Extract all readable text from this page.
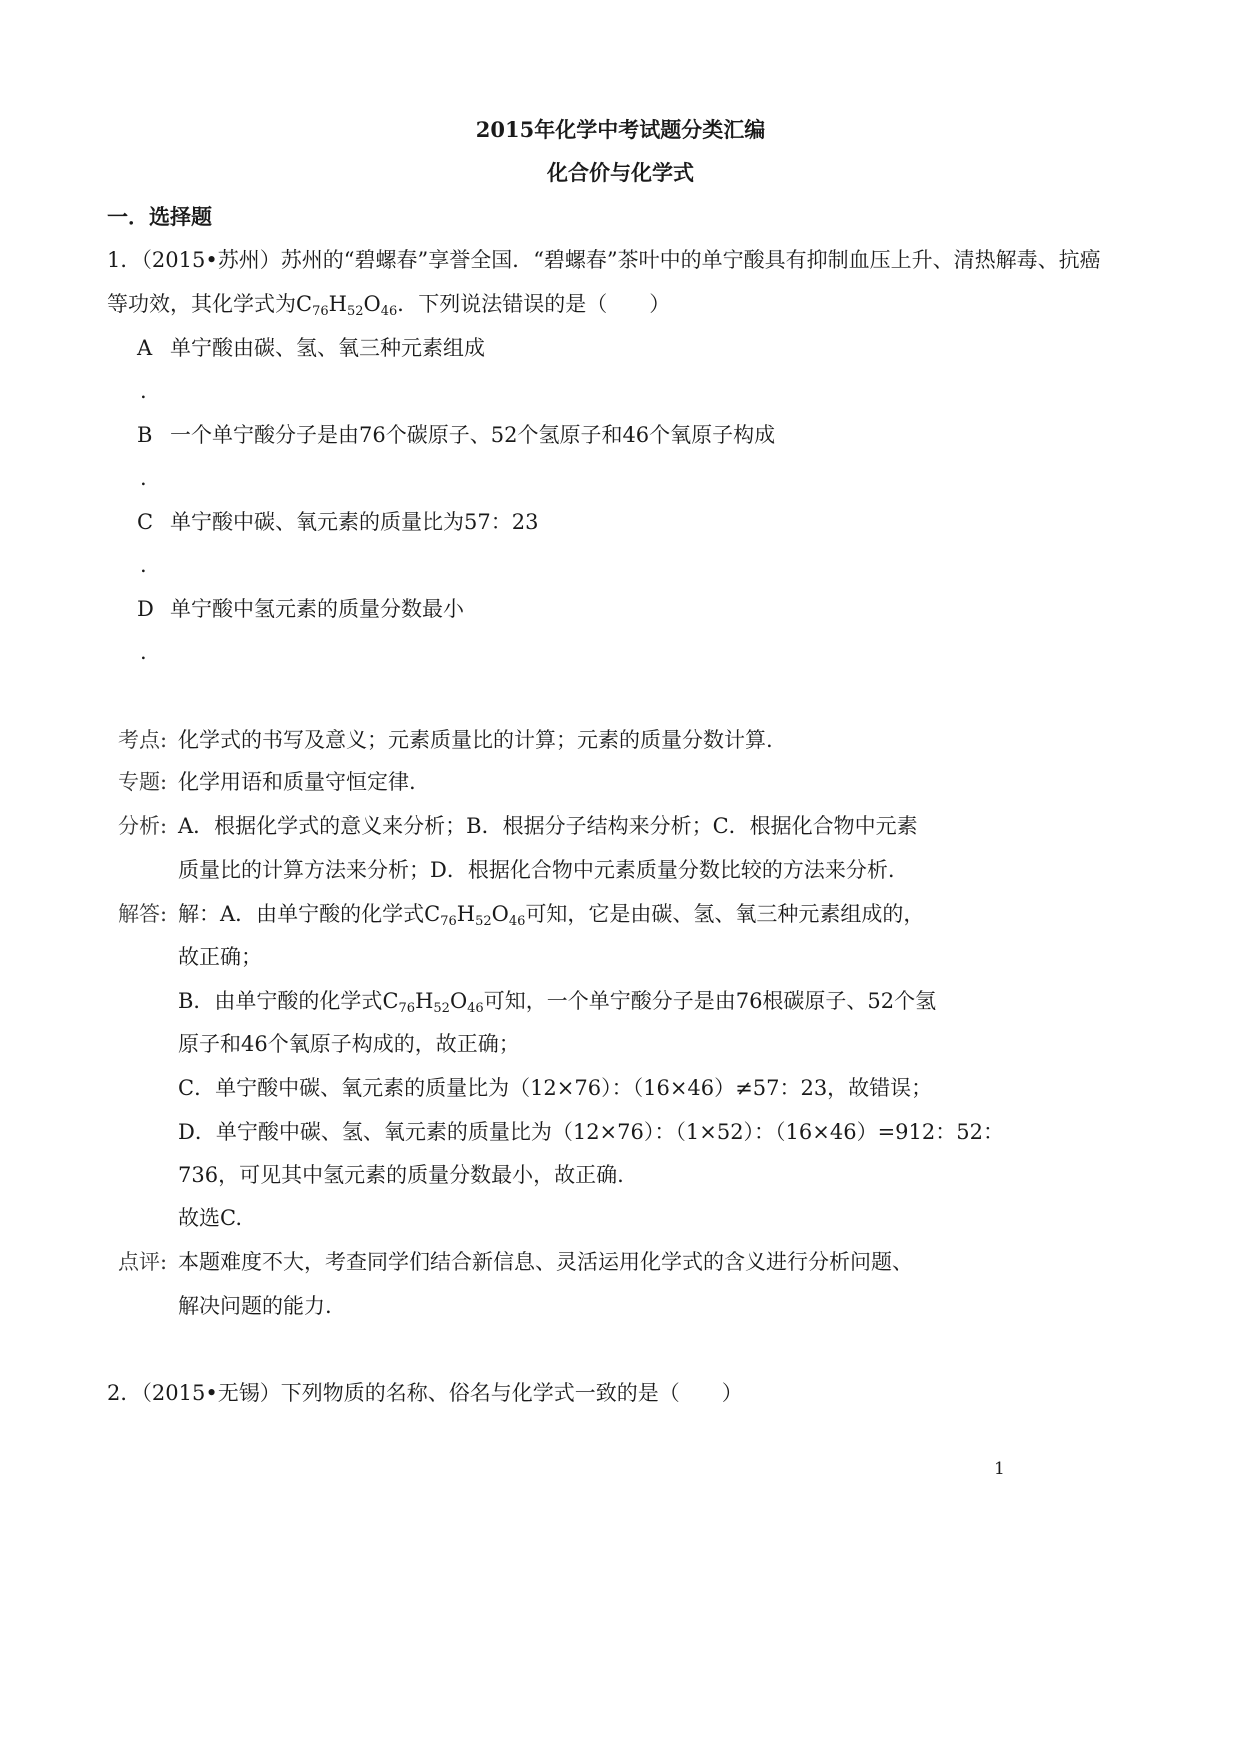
2015年化学中考试题分类汇编
化合价与化学式
一．选择题
1．（2015•苏州）苏州的“碧螺春”享誉全国．“碧螺春”茶叶中的单宁酸具有抑制血压上升、清热解毒、抗癌
等功效，其化学式为$C_{76}H_{52}O_{46}$．下列说法错误的是（　　）
A 单宁酸由碳、氢、氧三种元素组成
.
B 一个单宁酸分子是由76个碳原子、52个氢原子和46个氧原子构成
.
C 单宁酸中碳、氧元素的质量比为57：23
.
D 单宁酸中氢元素的质量分数最小
.
考点: 化学式的书写及意义；元素质量比的计算；元素的质量分数计算.
专题: 化学用语和质量守恒定律.
分析: A．根据化学式的意义来分析；B．根据分子结构来分析；C．根据化合物中元素
质量比的计算方法来分析；D．根据化合物中元素质量分数比较的方法来分析.
解答: 解：A．由单宁酸的化学式$C_{76}H_{52}O_{46}$可知，它是由碳、氢、氧三种元素组成的，
故正确；
B．由单宁酸的化学式$C_{76}H_{52}O_{46}$可知，一个单宁酸分子是由76根碳原子、52个氢
原子和46个氧原子构成的，故正确；
C．单宁酸中碳、氧元素的质量比为（12×76）：（16×46）≠57：23，故错误；
D．单宁酸中碳、氢、氧元素的质量比为（12×76）：（1×52）：（16×46）=912：52：
736，可见其中氢元素的质量分数最小，故正确.
故选C.
点评: 本题难度不大，考查同学们结合新信息、灵活运用化学式的含义进行分析问题、
解决问题的能力.
2．（2015•无锡）下列物质的名称、俗名与化学式一致的是（　　）
1
